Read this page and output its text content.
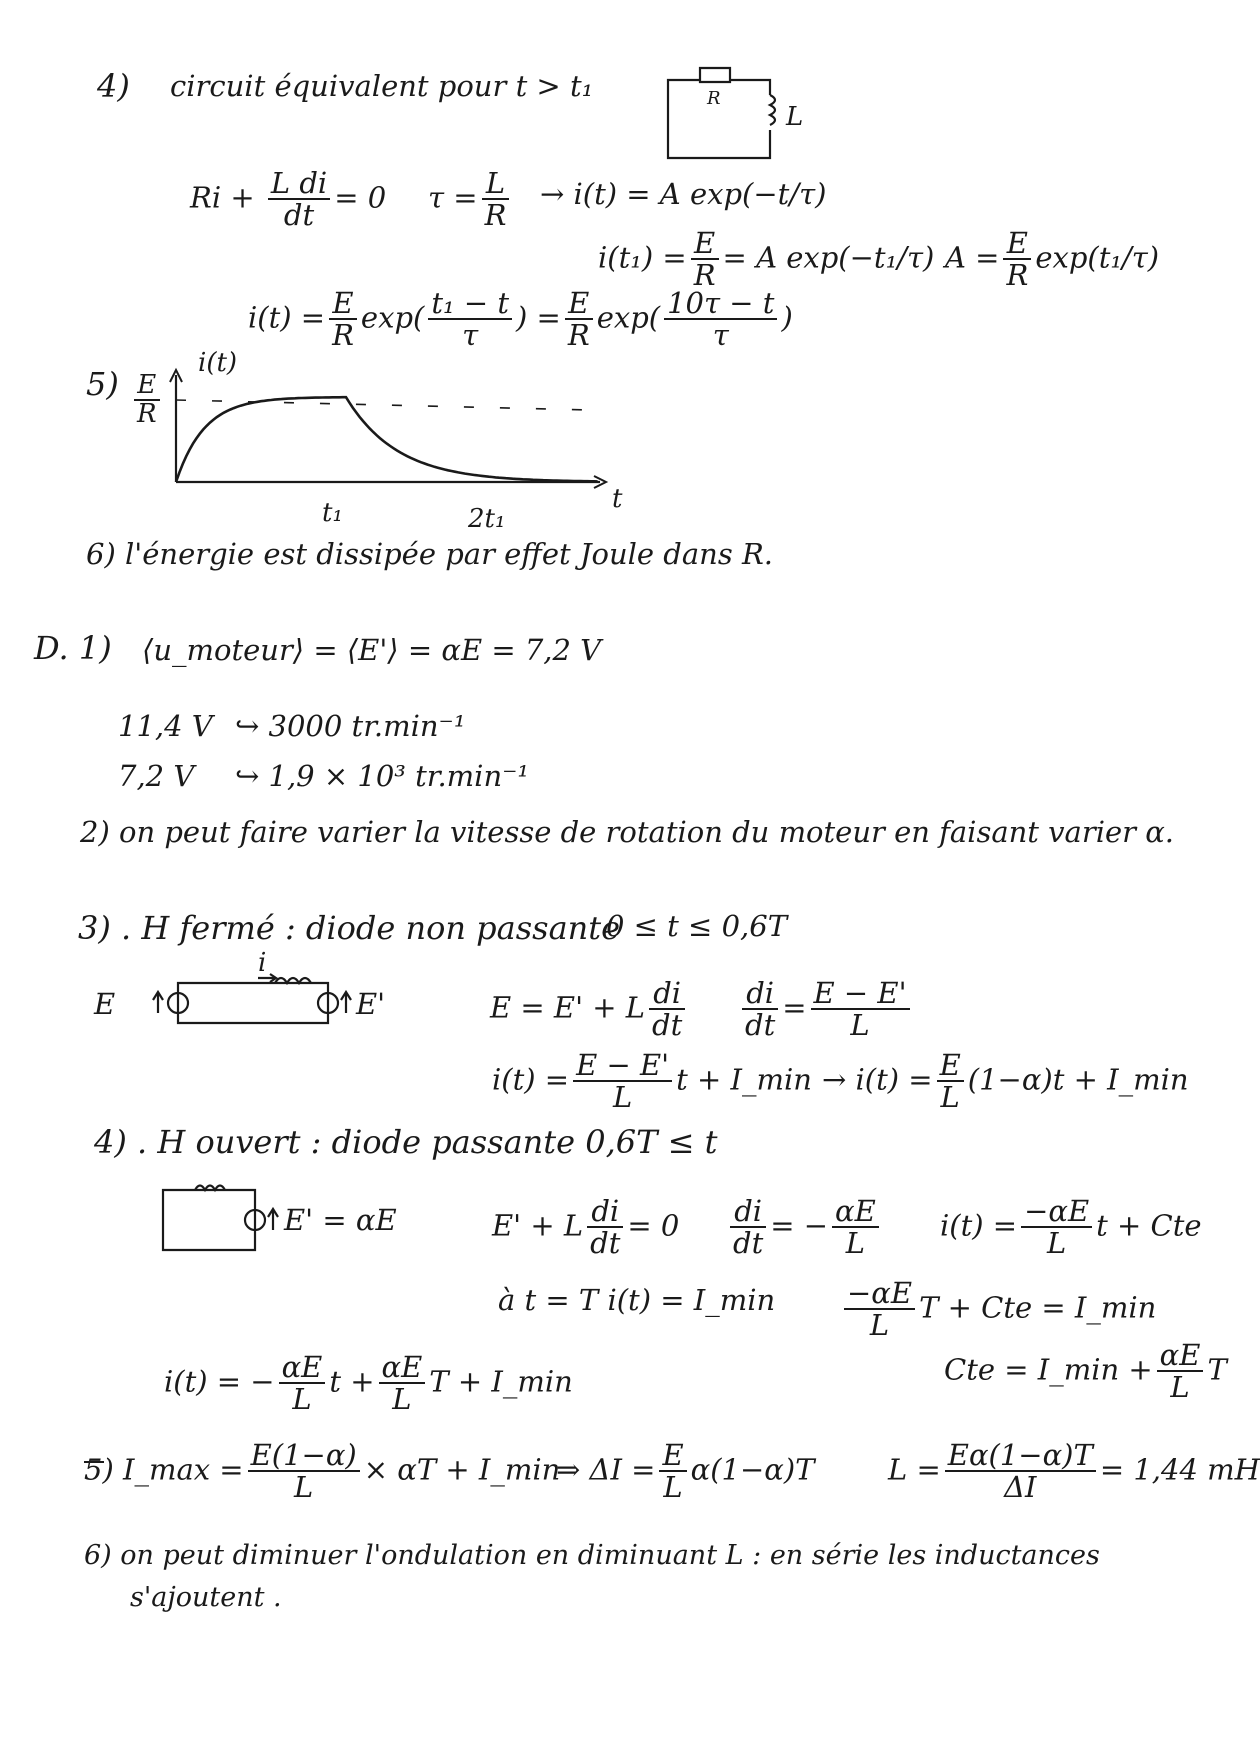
4) circuit équivalent pour t > t₁	R
L
$Ri + \frac{\text{L di}}{dt} = 0$ $\tau = \frac{L}{R} \to i(t) = A$ exp(−t/τ)
$i(t_1) = \frac{E}{R} = A$ exp(−t₁/τ) $A = \frac{E}{R} \exp(t_1/\tau)$
$i(t) = \frac{E}{R} \exp( \frac{\text{t₁ − t}}{\tau}$ ) = $\frac{E}{R} \exp( \frac{10\tau - t}{\tau}$ )
$5) \frac{E}{R}$
i(t)
t
t₁	2t₁
6) l'énergie est dissipée par effet Joule dans R.
D. 1) ⟨u_moteur⟩ = ⟨E'⟩ = αE = 7,2 V
11,4 V ↪ 3000 tr.min⁻¹
7,2 V ↪ 1,9 × 10³ tr.min⁻¹
2) on peut faire varier la vitesse de rotation du moteur en faisant varier α.
3) . H fermé : diode non passante
0 ≤ t ≤ 0,6T
E
i
E'	E = E' + L $\frac{di}{dt} \frac{di}{dt} = \frac{E - E'}{L}$
$i(t) = \frac{E - E'}{L}$ t + I_min → $i(t) = \frac{E}{L} (1-\alpha)t$ + I_min
4) . H ouvert : diode passante 0,6T ≤ t
E' = αE	E' + L $\frac{di}{dt} = 0 \frac{di}{dt}$ = − $\frac{\alpha E}{L} i(t) = \frac{-\alpha E}{L}$ t + Cte
à t = T i(t) = I_min $\frac{-\alpha E}{L}$ T + Cte = I_min
Cte = I_min + $\frac{\alpha E}{L}$ T
i(t) = − $\frac{\alpha E}{L}$ $t + \frac{\alpha E}{L}$ T + I_min
5) I_max = $\frac{E(1-\alpha)}{L} \times \alpha T$ + I_min
⇒ $\Delta I = \frac{E}{L} \alpha(1-\alpha)T$	$L = \frac{E\alpha(1-\alpha)T}{\Delta I} = 1,44$ mH
6) on peut diminuer l'ondulation en diminuant L : en série les inductances
s'ajoutent .
